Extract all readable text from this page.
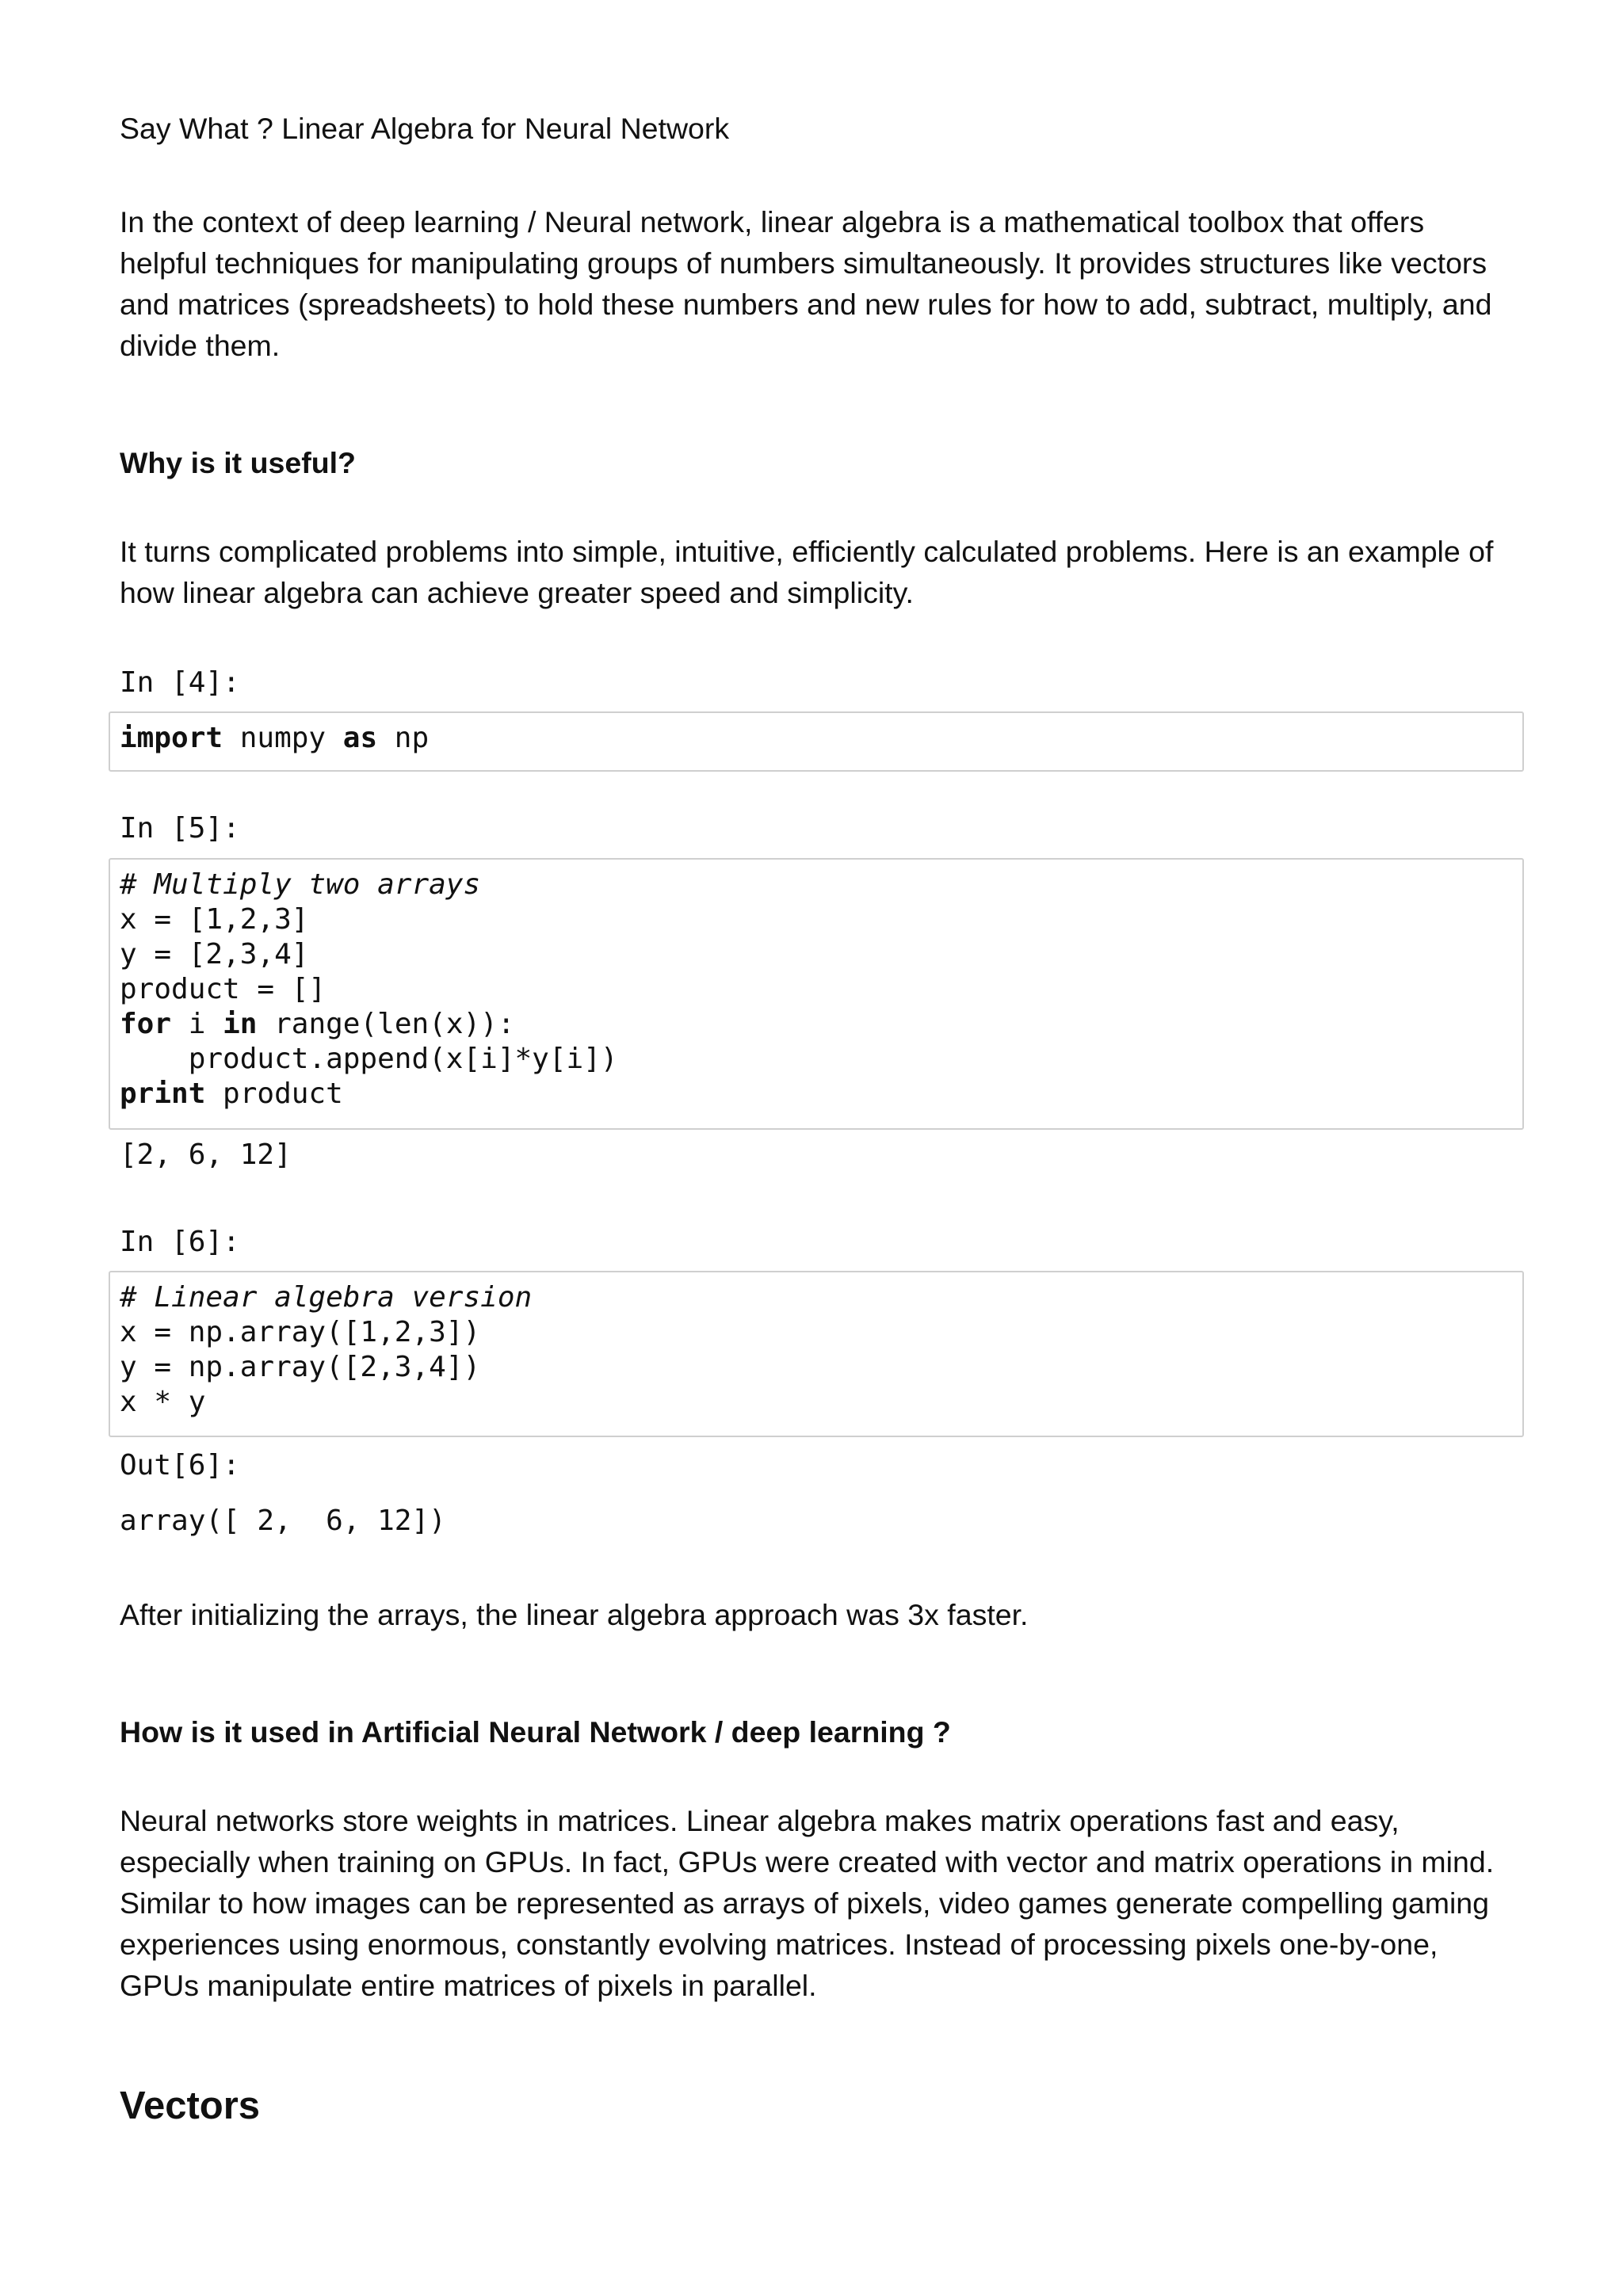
Say What ? Linear Algebra for Neural Network

In the context of deep learning / Neural network, linear algebra is a mathematical toolbox that offers helpful techniques for manipulating groups of numbers simultaneously. It provides structures like vectors and matrices (spreadsheets) to hold these numbers and new rules for how to add, subtract, multiply, and divide them.

Why is it useful?

It turns complicated problems into simple, intuitive, efficiently calculated problems. Here is an example of how linear algebra can achieve greater speed and simplicity.

In [4]:

import numpy as np

In [5]:

# Multiply two arrays
x = [1,2,3]
y = [2,3,4]
product = []
for i in range(len(x)):
product.append(x[i]*y[i])
print product

[2, 6, 12]

In [6]:

# Linear algebra version
x = np.array([1,2,3])
y = np.array([2,3,4])
x * y

Out[6]:

array([ 2,  6, 12])

After initializing the arrays, the linear algebra approach was 3x faster.

How is it used in Artificial Neural Network / deep learning ?

Neural networks store weights in matrices. Linear algebra makes matrix operations fast and easy, especially when training on GPUs. In fact, GPUs were created with vector and matrix operations in mind. Similar to how images can be represented as arrays of pixels, video games generate compelling gaming experiences using enormous, constantly evolving matrices. Instead of processing pixels one-by-one, GPUs manipulate entire matrices of pixels in parallel.

Vectors
